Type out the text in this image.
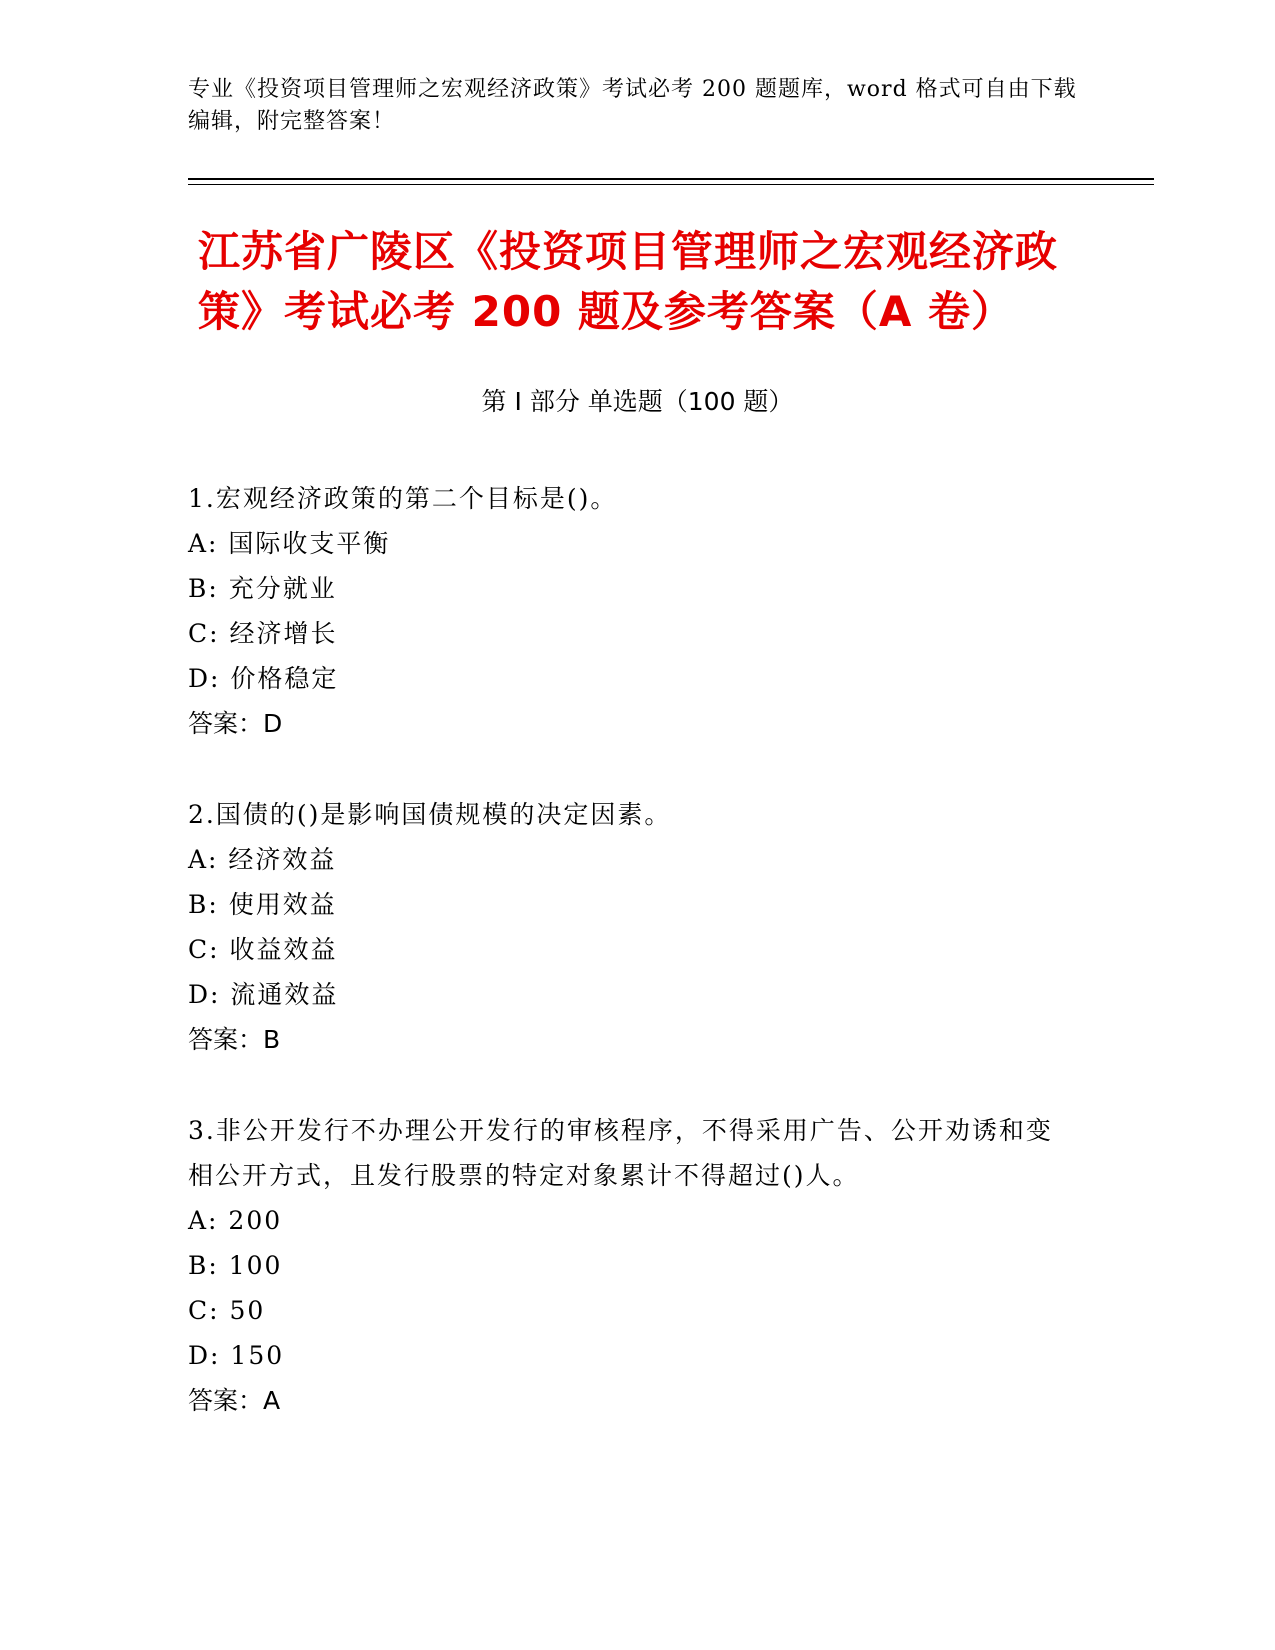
专业《投资项目管理师之宏观经济政策》考试必考 200 题题库，word 格式可自由下载编辑，附完整答案！
江苏省广陵区《投资项目管理师之宏观经济政策》考试必考 200 题及参考答案（A 卷）
第 I 部分 单选题（100 题）
1.宏观经济政策的第二个目标是()。
A: 国际收支平衡
B: 充分就业
C: 经济增长
D: 价格稳定
答案：D
2.国债的()是影响国债规模的决定因素。
A: 经济效益
B: 使用效益
C: 收益效益
D: 流通效益
答案：B
3.非公开发行不办理公开发行的审核程序，不得采用广告、公开劝诱和变相公开方式，且发行股票的特定对象累计不得超过()人。
A: 200
B: 100
C: 50
D: 150
答案：A
